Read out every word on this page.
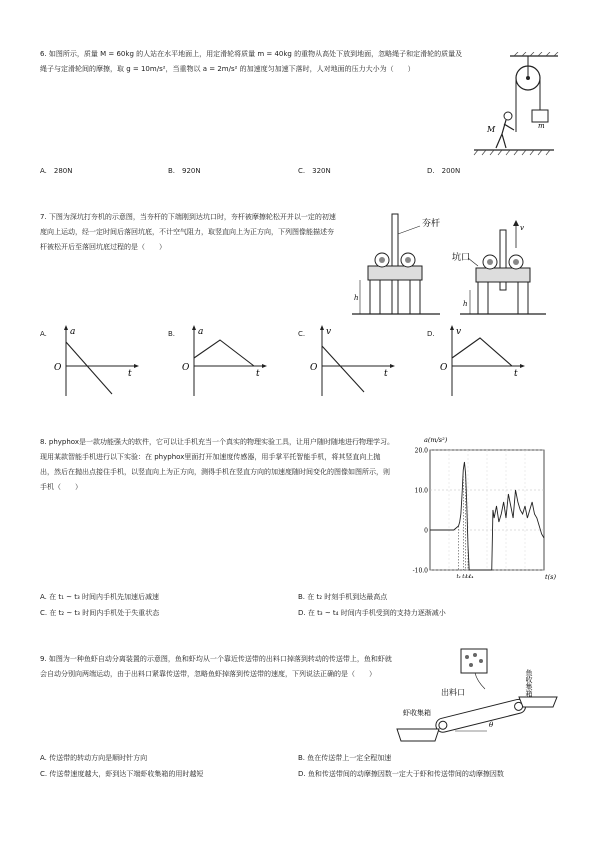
6. 如图所示，质量 M = 60kg 的人站在水平地面上，用定滑轮将质量 m = 40kg 的重物从高处下放到地面，忽略绳子和定滑轮的质量及绳子与定滑轮间的摩擦，取 g = 10m/s²，当重物以 a = 2m/s² 的加速度匀加速下落时，人对地面的压力大小为（　　）
m
M
A.　280N	B.　920N	C.　320N	D.　200N
7. 下图为深坑打夯机的示意图，当夯杆的下端刚到达坑口时，夯杆被摩擦轮松开并以一定的初速度向上运动，经一定时间后落回坑底，不计空气阻力，取竖直向上为正方向，下列图像能描述夯杆被松开后至落回坑底过程的是（　　）
夯杆
h
v
坑口
h
A.	a
O
t
B.	a
O
t
C. v
O
t
D. v
O
t
8. phyphox是一款功能强大的软件，它可以让手机充当一个真实的物理实验工具，让用户随时随地进行物理学习。现用某款智能手机进行以下实验：在 phyphox里面打开加速度传感器，用手掌平托智能手机，将其竖直向上抛出，然后在抛出点接住手机，以竖直向上为正方向，测得手机在竖直方向的加速度随时间变化的图像如图所示，则手机（　　）
20.0
10.0
0
-10.0
a(m/s²)
t(s)
t₁ t₂
t₃
t₄
A. 在 t₁ ~ t₃ 时间内手机先加速后减速	B. 在 t₂ 时刻手机到达最高点
C. 在 t₂ ~ t₃ 时间内手机处于失重状态	D. 在 t₃ ~ t₄ 时间内手机受到的支持力逐渐减小
9. 如图为一种鱼虾自动分离装置的示意图，鱼和虾均从一个靠近传送带的出料口掉落到转动的传送带上，鱼和虾就会自动分别向两端运动，由于出料口紧靠传送带，忽略鱼虾掉落到传送带的速度，下列说法正确的是（　　）
出料口
θ
鱼收集箱
虾收集箱
A. 传送带的转动方向是顺时针方向	B. 鱼在传送带上一定全程加速
C. 传送带速度越大，虾到达下端虾收集箱的用时越短	D. 鱼和传送带间的动摩擦因数一定大于虾和传送带间的动摩擦因数
